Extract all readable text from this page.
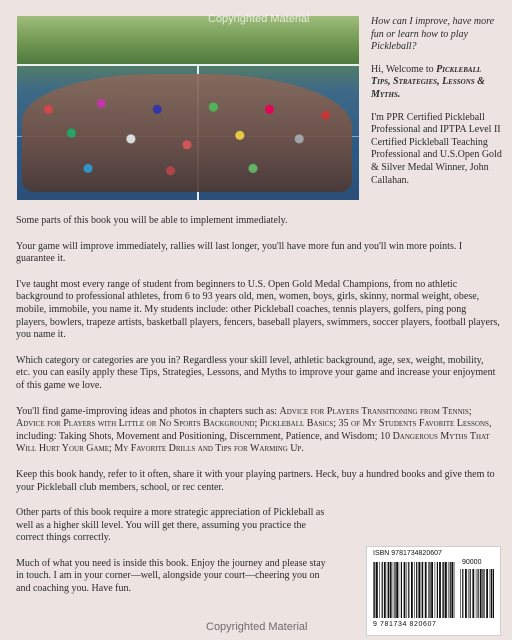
Copyrighted Material	How can I improve, have more fun or learn how to play Pickleball?

Hi, Welcome to Pickleball Tips, Strategies, Lessons & Myths.

I'm PPR Certified Pickleball Professional and IPTPA Level II Certified Pickleball Teaching Professional and U.S.Open Gold & Silver Medal Winner, John Callahan.

Some parts of this book you will be able to implement immediately.

Your game will improve immediately, rallies will last longer, you'll have more fun and you'll win more points. I guarantee it.

I've taught most every range of student from beginners to U.S. Open Gold Medal Champions, from no athletic background to professional athletes, from 6 to 93 years old, men, women, boys, girls, skinny, normal weight, obese, mobile, immobile, you name it. My students include: other Pickleball coaches, tennis players, golfers, ping pong players, bowlers, trapeze artists, basketball players, fencers, baseball players, swimmers, soccer players, football players, you name it.

Which category or categories are you in? Regardless your skill level, athletic background, age, sex, weight, mobility, etc. you can easily apply these Tips, Strategies, Lessons, and Myths to improve your game and increase your enjoyment of this game we love.

You'll find game-improving ideas and photos in chapters such as: Advice for Players Transitioning from Tennis; Advice for Players with Little or No Sports Background; Pickleball Basics; 35 of My Students Favorite Lessons, including: Taking Shots, Movement and Positioning, Discernment, Patience, and Wisdom; 10 Dangerous Myths That Will Hurt Your Game; My Favorite Drills and Tips for Warming Up.

Keep this book handy, refer to it often, share it with your playing partners. Heck, buy a hundred books and give them to your Pickleball club members, school, or rec center.

Other parts of this book require a more strategic appreciation of Pickleball as well as a higher skill level. You will get there, assuming you practice the correct things correctly.

Much of what you need is inside this book. Enjoy the journey and please stay in touch. I am in your corner—well, alongside your court—cheering you on and coaching you. Have fun.

ISBN 9781734820607
90000
9 781734 820607
Copyrighted Material
